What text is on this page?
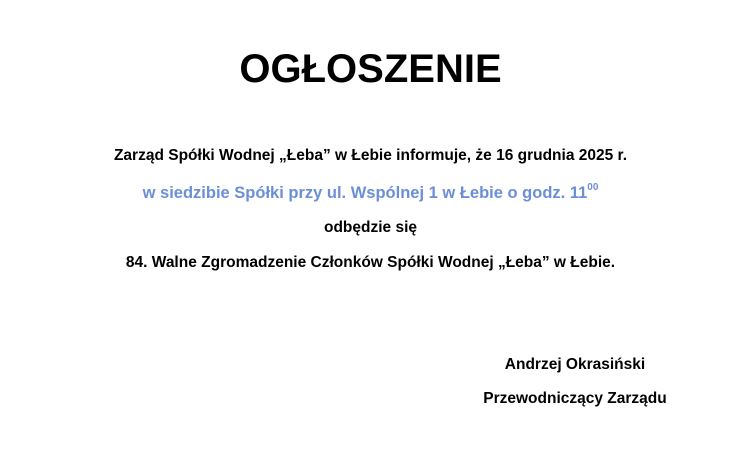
OGŁOSZENIE
Zarząd Spółki Wodnej „Łeba” w Łebie informuje, że 16 grudnia 2025 r.
w siedzibie Spółki przy ul. Wspólnej 1 w Łebie o godz. $11^{00}$
odbędzie się
84. Walne Zgromadzenie Członków Spółki Wodnej „Łeba” w Łebie.
Andrzej Okrasiński
Przewodniczący Zarządu
